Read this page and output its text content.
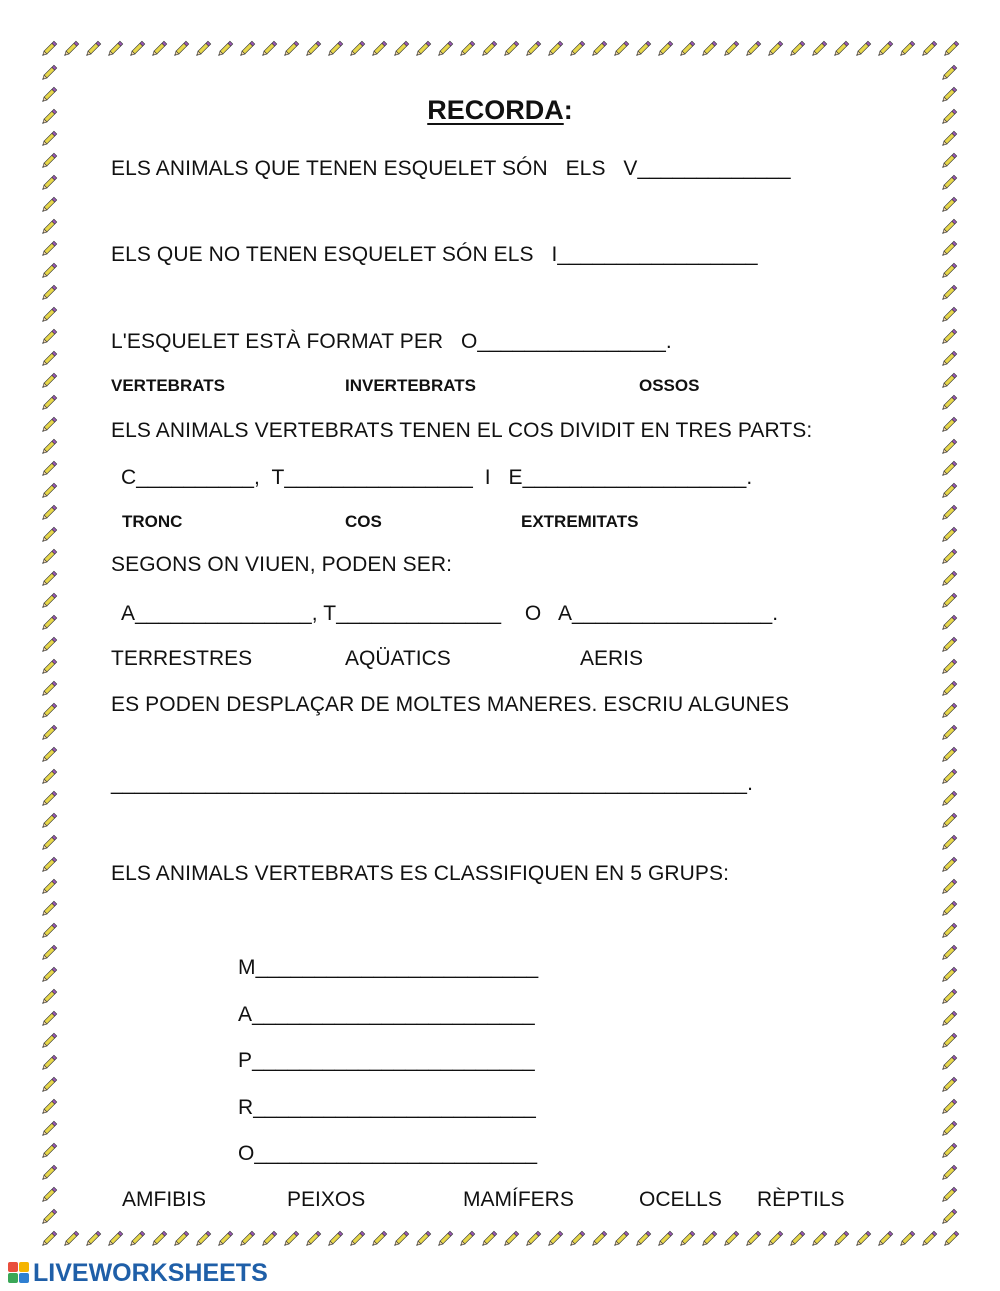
RECORDA:
ELS ANIMALS QUE TENEN ESQUELET SÓN   ELS   V_____________
ELS QUE NO TENEN ESQUELET SÓN ELS   I_________________
L'ESQUELET ESTÀ FORMAT PER   O________________.
VERTEBRATS	INVERTEBRATS	OSSOS
ELS ANIMALS VERTEBRATS TENEN EL COS DIVIDIT EN TRES PARTS:
C__________,  T________________  I   E___________________.
TRONC	COS	EXTREMITATS
SEGONS ON VIUEN, PODEN SER:
A_______________, T______________    O   A_________________.
TERRESTRES	AQÜATICS	AERIS
ES PODEN DESPLAÇAR DE MOLTES MANERES. ESCRIU ALGUNES
______________________________________________________.
ELS ANIMALS VERTEBRATS ES CLASSIFIQUEN EN 5 GRUPS:
M________________________
A________________________
P________________________
R________________________
O________________________
AMFIBIS	PEIXOS	MAMÍFERS	OCELLS RÈPTILS
LIVEWORKSHEETS
